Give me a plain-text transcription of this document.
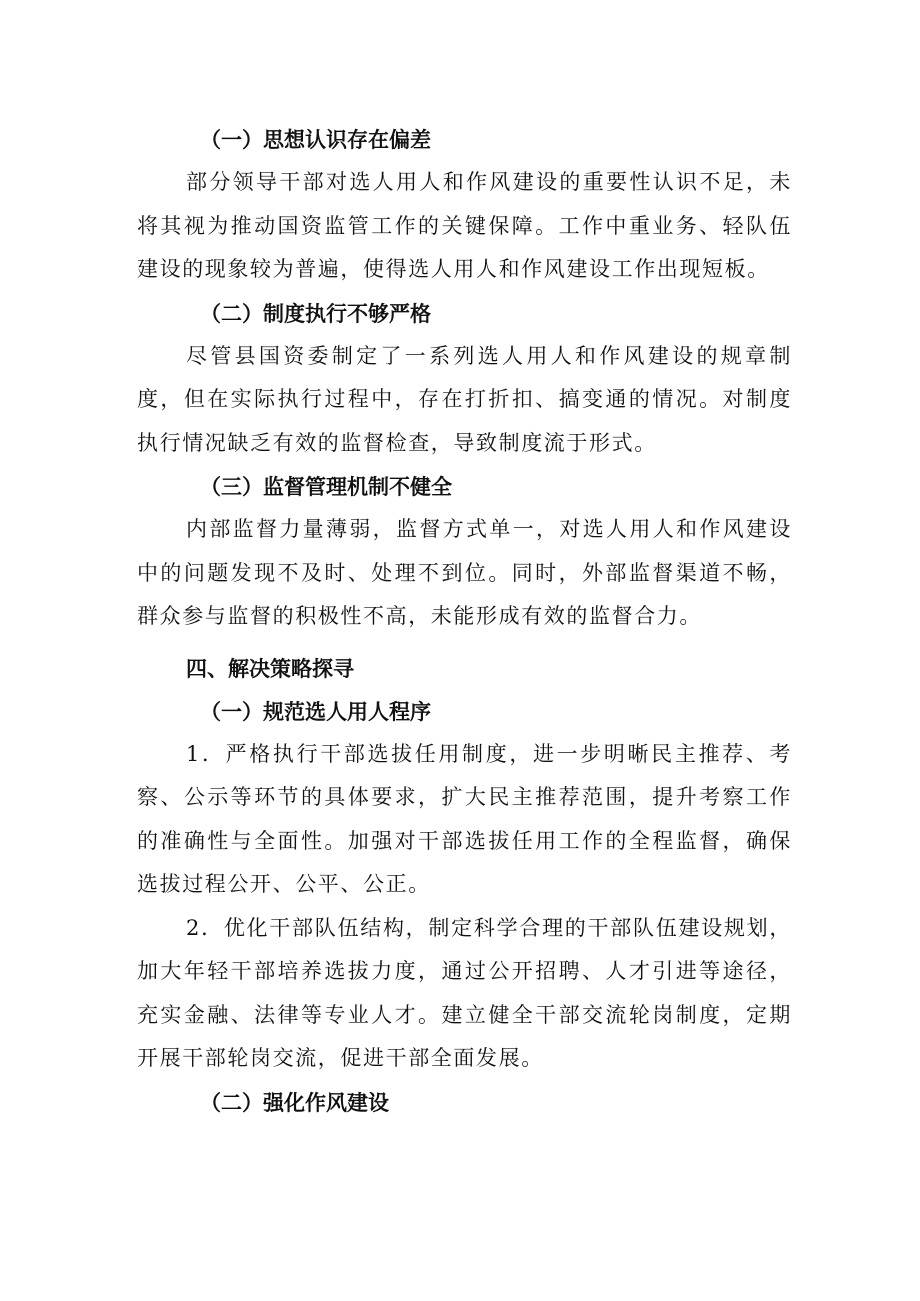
（一）思想认识存在偏差
部分领导干部对选人用人和作风建设的重要性认识不足，未将其视为推动国资监管工作的关键保障。工作中重业务、轻队伍建设的现象较为普遍，使得选人用人和作风建设工作出现短板。
（二）制度执行不够严格
尽管县国资委制定了一系列选人用人和作风建设的规章制度，但在实际执行过程中，存在打折扣、搞变通的情况。对制度执行情况缺乏有效的监督检查，导致制度流于形式。
（三）监督管理机制不健全
内部监督力量薄弱，监督方式单一，对选人用人和作风建设中的问题发现不及时、处理不到位。同时，外部监督渠道不畅，群众参与监督的积极性不高，未能形成有效的监督合力。
四、解决策略探寻
（一）规范选人用人程序
1．严格执行干部选拔任用制度，进一步明晰民主推荐、考察、公示等环节的具体要求，扩大民主推荐范围，提升考察工作的准确性与全面性。加强对干部选拔任用工作的全程监督，确保选拔过程公开、公平、公正。
2．优化干部队伍结构，制定科学合理的干部队伍建设规划，加大年轻干部培养选拔力度，通过公开招聘、人才引进等途径，充实金融、法律等专业人才。建立健全干部交流轮岗制度，定期开展干部轮岗交流，促进干部全面发展。
（二）强化作风建设
